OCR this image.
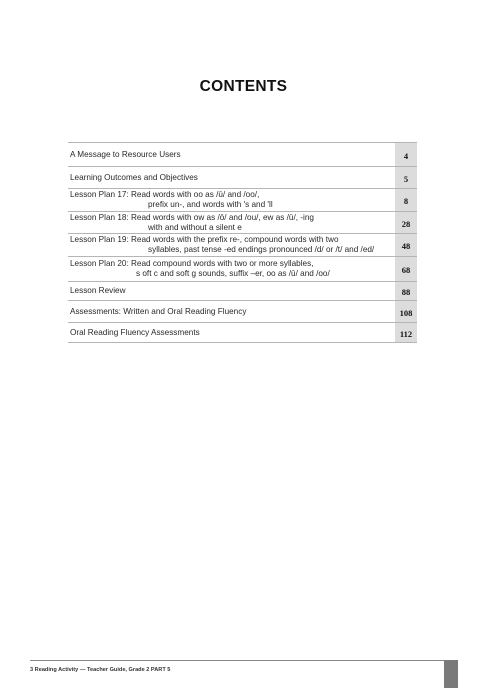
CONTENTS
A Message to Resource Users	4
Learning Outcomes and Objectives	5
Lesson Plan 17: Read words with oo as /ū/ and /oo/,
prefix un-, and words with 's and 'll	8
Lesson Plan 18: Read words with ow as /ō/ and /ou/, ew as /ū/, -ing
with and without a silent e	28
Lesson Plan 19: Read words with the prefix re-, compound words with two
syllables, past tense -ed endings pronounced /d/ or /t/ and /ed/	48
Lesson Plan 20: Read compound words with two or more syllables,
s oft c and soft g sounds, suffix –er, oo as /ū/ and /oo/	68
Lesson Review	88
Assessments: Written and Oral Reading Fluency	108
Oral Reading Fluency Assessments	112
3 Reading Activity — Teacher Guide, Grade 2 PART 5
